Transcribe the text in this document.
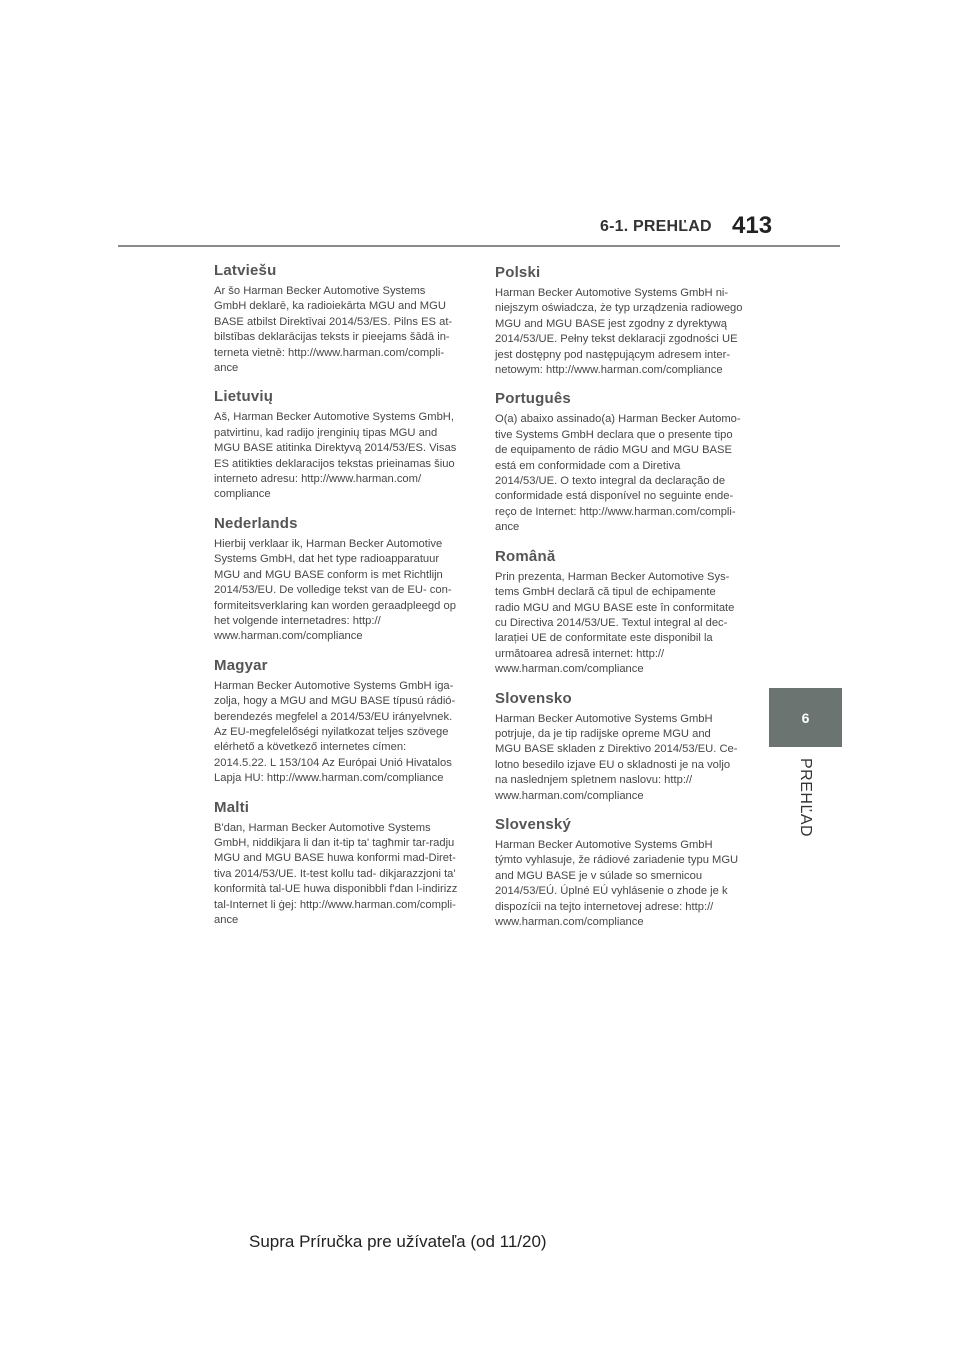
6-1. PREHĽAD 413
6
PREHĽAD
Latviešu

Ar šo Harman Becker Automotive Systems
GmbH deklarē, ka radioiekārta MGU and MGU
BASE atbilst Direktīvai 2014/53/ES. Pilns ES at-
bilstības deklarācijas teksts ir pieejams šādā in-
terneta vietnē: http://www.harman.com/compli-
ance

Lietuvių

Aš, Harman Becker Automotive Systems GmbH,
patvirtinu, kad radijo įrenginių tipas MGU and
MGU BASE atitinka Direktyvą 2014/53/ES. Visas
ES atitikties deklaracijos tekstas prieinamas šiuo
interneto adresu: http://www.harman.com/
compliance

Nederlands

Hierbij verklaar ik, Harman Becker Automotive
Systems GmbH, dat het type radioapparatuur
MGU and MGU BASE conform is met Richtlijn
2014/53/EU. De volledige tekst van de EU- con-
formiteitsverklaring kan worden geraadpleegd op
het volgende internetadres: http://
www.harman.com/compliance

Magyar

Harman Becker Automotive Systems GmbH iga-
zolja, hogy a MGU and MGU BASE típusú rádió-
berendezés megfelel a 2014/53/EU irányelvnek.
Az EU-megfelelőségi nyilatkozat teljes szövege
elérhető a következő internetes címen:
2014.5.22. L 153/104 Az Európai Unió Hivatalos
Lapja HU: http://www.harman.com/compliance

Malti

B'dan, Harman Becker Automotive Systems
GmbH, niddikjara li dan it-tip ta' tagħmir tar-radju
MGU and MGU BASE huwa konformi mad-Diret-
tiva 2014/53/UE. It-test kollu tad- dikjarazzjoni ta'
konformità tal-UE huwa disponibbli f'dan l-indirizz
tal-Internet li ġej: http://www.harman.com/compli-
ance

Polski

Harman Becker Automotive Systems GmbH ni-
niejszym oświadcza, że typ urządzenia radiowego
MGU and MGU BASE jest zgodny z dyrektywą
2014/53/UE. Pełny tekst deklaracji zgodności UE
jest dostępny pod następującym adresem inter-
netowym: http://www.harman.com/compliance

Português

O(a) abaixo assinado(a) Harman Becker Automo-
tive Systems GmbH declara que o presente tipo
de equipamento de rádio MGU and MGU BASE
está em conformidade com a Diretiva
2014/53/UE. O texto integral da declaração de
conformidade está disponível no seguinte ende-
reço de Internet: http://www.harman.com/compli-
ance

Română

Prin prezenta, Harman Becker Automotive Sys-
tems GmbH declară că tipul de echipamente
radio MGU and MGU BASE este în conformitate
cu Directiva 2014/53/UE. Textul integral al dec-
larației UE de conformitate este disponibil la
următoarea adresă internet: http://
www.harman.com/compliance

Slovensko

Harman Becker Automotive Systems GmbH
potrjuje, da je tip radijske opreme MGU and
MGU BASE skladen z Direktivo 2014/53/EU. Ce-
lotno besedilo izjave EU o skladnosti je na voljo
na naslednjem spletnem naslovu: http://
www.harman.com/compliance

Slovenský

Harman Becker Automotive Systems GmbH
týmto vyhlasuje, že rádiové zariadenie typu MGU
and MGU BASE je v súlade so smernicou
2014/53/EÚ. Úplné EÚ vyhlásenie o zhode je k
dispozícii na tejto internetovej adrese: http://
www.harman.com/compliance

Supra Príručka pre užívateľa (od 11/20)
